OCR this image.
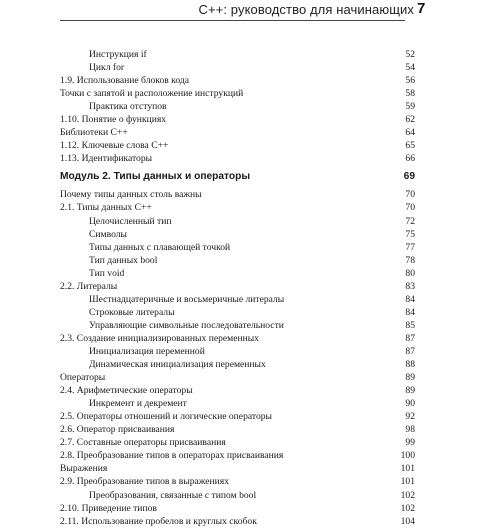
C++: руководство для начинающих 7
Инструкция if	52
Цикл for	54
1.9. Использование блоков кода	56
Точки с запятой и расположение инструкций	58
Практика отступов	59
1.10. Понятие о функциях	62
Библиотеки C++	64
1.12. Ключевые слова C++	65
1.13. Идентификаторы	66
Модуль 2. Типы данных и операторы	69
Почему типы данных столь важны	70
2.1. Типы данных C++	70
Целочисленный тип	72
Символы	75
Типы данных с плавающей точкой	77
Тип данных bool	78
Тип void	80
2.2. Литералы	83
Шестнадцатеричные и восьмеричные литералы	84
Строковые литералы	84
Управляющие символьные последовательности	85
2.3. Создание инициализированных переменных	87
Инициализация переменной	87
Динамическая инициализация переменных	88
Операторы	89
2.4. Арифметические операторы	89
Инкремент и декремент	90
2.5. Операторы отношений и логические операторы	92
2.6. Оператор присваивания	98
2.7. Составные операторы присваивания	99
2.8. Преобразование типов в операторах присваивания	100
Выражения	101
2.9. Преобразование типов в выражениях	101
Преобразования, связанные с типом bool	102
2.10. Приведение типов	102
2.11. Использование пробелов и круглых скобок	104
